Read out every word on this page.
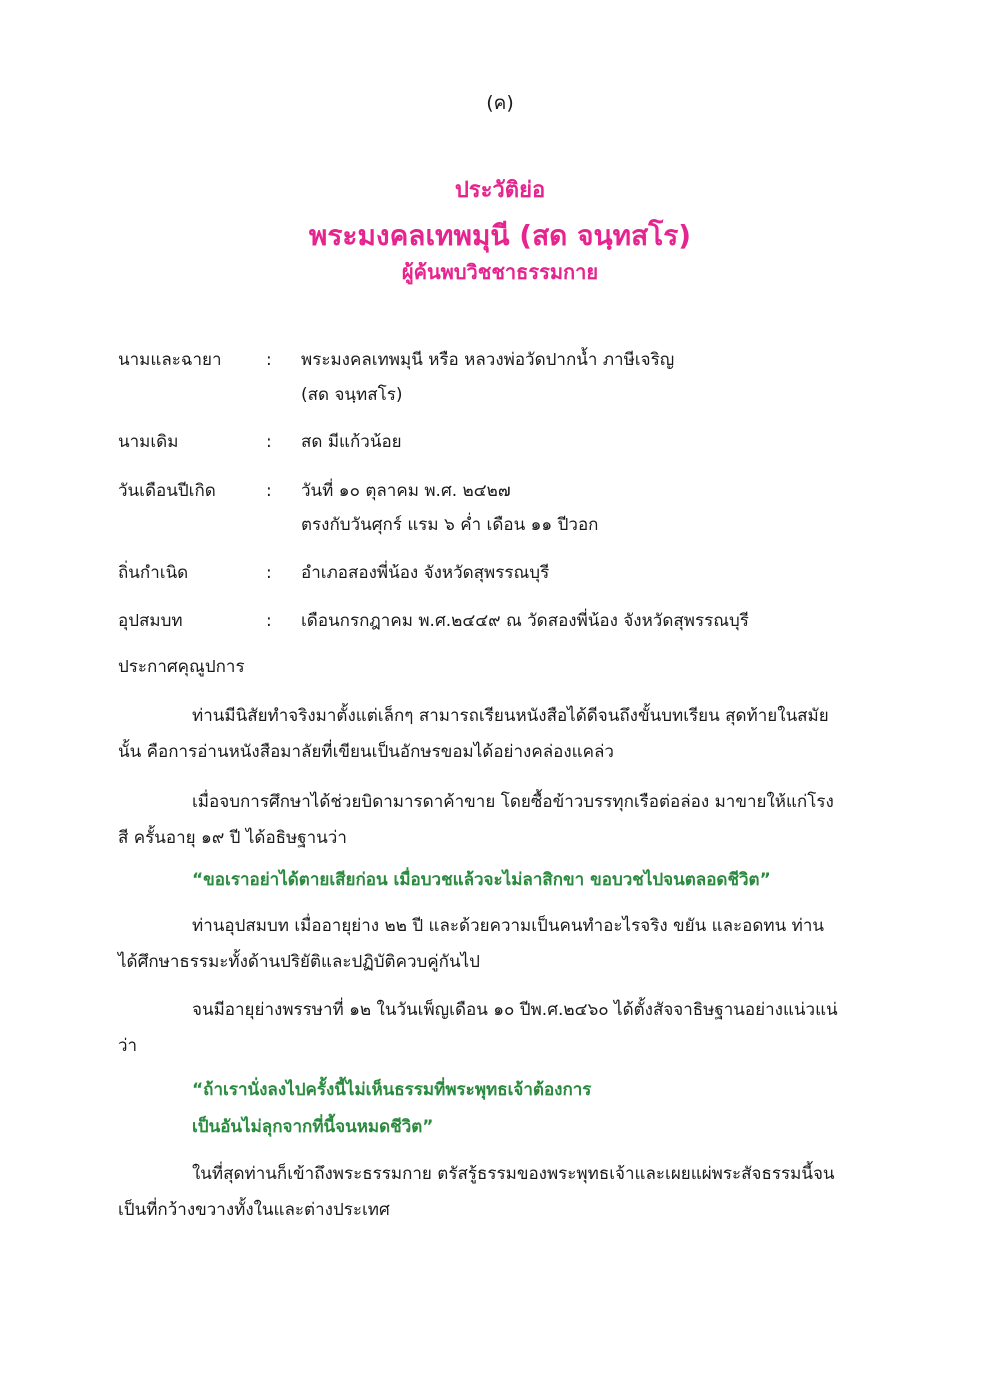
(ค)
ประวัติย่อ
พระมงคลเทพมุนี (สด จนฺทสโร)
ผู้ค้นพบวิชชาธรรมกาย
นามและฉายา	: พระมงคลเทพมุนี หรือ หลวงพ่อวัดปากน้ำ ภาษีเจริญ
(สด จนฺทสโร)
นามเดิม	: สด มีแก้วน้อย
วันเดือนปีเกิด	: วันที่ ๑๐ ตุลาคม พ.ศ. ๒๔๒๗
ตรงกับวันศุกร์ แรม ๖ ค่ำ เดือน ๑๑ ปีวอก
ถิ่นกำเนิด	: อำเภอสองพี่น้อง จังหวัดสุพรรณบุรี
อุปสมบท	: เดือนกรกฎาคม พ.ศ.๒๔๔๙ ณ วัดสองพี่น้อง จังหวัดสุพรรณบุรี
ประกาศคุณูปการ
ท่านมีนิสัยทำจริงมาตั้งแต่เล็กๆ สามารถเรียนหนังสือได้ดีจนถึงขั้นบทเรียน สุดท้ายในสมัย
นั้น คือการอ่านหนังสือมาลัยที่เขียนเป็นอักษรขอมได้อย่างคล่องแคล่ว
เมื่อจบการศึกษาได้ช่วยบิดามารดาค้าขาย โดยซื้อข้าวบรรทุกเรือต่อล่อง มาขายให้แก่โรง
สี ครั้นอายุ ๑๙ ปี ได้อธิษฐานว่า
“ขอเราอย่าได้ตายเสียก่อน เมื่อบวชแล้วจะไม่ลาสิกขา ขอบวชไปจนตลอดชีวิต”
ท่านอุปสมบท เมื่ออายุย่าง ๒๒ ปี และด้วยความเป็นคนทำอะไรจริง ขยัน และอดทน ท่าน
ได้ศึกษาธรรมะทั้งด้านปริยัติและปฏิบัติควบคู่กันไป
จนมีอายุย่างพรรษาที่ ๑๒ ในวันเพ็ญเดือน ๑๐ ปีพ.ศ.๒๔๖๐ ได้ตั้งสัจจาธิษฐานอย่างแน่วแน่
ว่า
“ถ้าเรานั่งลงไปครั้งนี้ไม่เห็นธรรมที่พระพุทธเจ้าต้องการ
เป็นอันไม่ลุกจากที่นี้จนหมดชีวิต”
ในที่สุดท่านก็เข้าถึงพระธรรมกาย ตรัสรู้ธรรมของพระพุทธเจ้าและเผยแผ่พระสัจธรรมนี้จน
เป็นที่กว้างขวางทั้งในและต่างประเทศ
